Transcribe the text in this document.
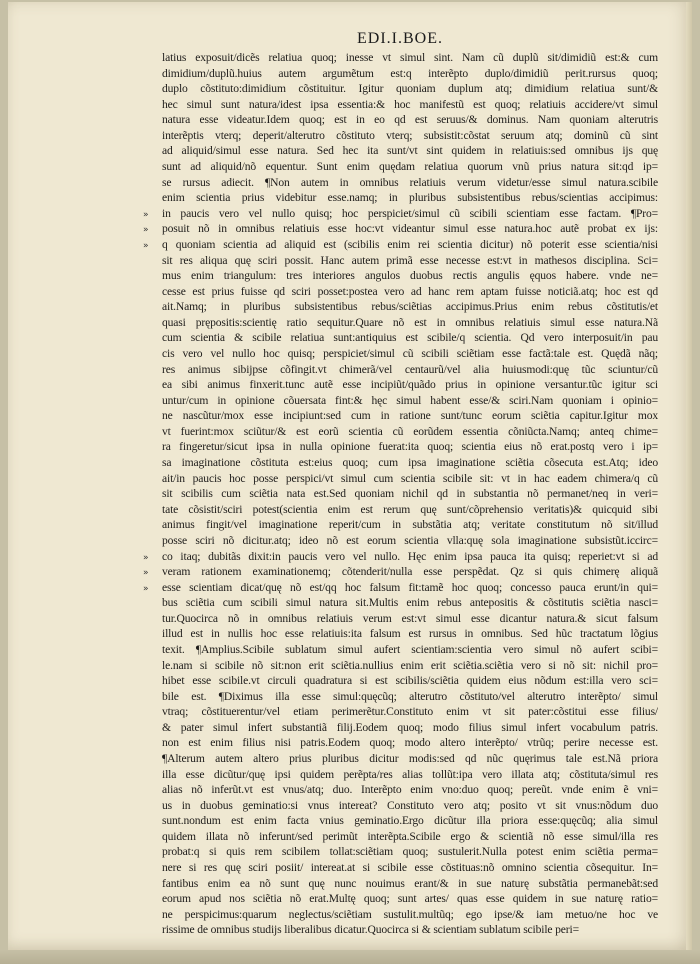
EDI.I.BOE.
»
»
»
»
»
»
latius exposuit/dicẽs relatiua quoq; inesse vt simul sint. Nam cũ duplũ sit/dimidiũ est:& cum
dimidium/duplũ.huius autem argumẽtum est:q interẽpto duplo/dimidiũ perit.rursus quoq;
duplo cõstituto:dimidium cõstituitur. Igitur quoniam duplum atq; dimidium relatiua sunt/&
hec simul sunt natura/idest ipsa essentia:& hoc manifestũ est quoq; relatiuis accidere/vt simul
natura esse videatur.Idem quoq; est in eo qd est seruus/& dominus. Nam quoniam alterutris
interẽptis vterq; deperit/alterutro cõstituto vterq; subsistit:cõstat seruum atq; dominũ cũ sint
ad aliquid/simul esse natura. Sed hec ita sunt/vt sint quidem in relatiuis:sed omnibus ijs quę
sunt ad aliquid/nõ equentur. Sunt enim quędam relatiua quorum vnũ prius natura sit:qd ip=
se rursus adiecit. ¶Non autem in omnibus relatiuis verum videtur/esse simul natura.scibile
enim scientia prius videbitur esse.namq; in pluribus subsistentibus rebus/scientias accipimus:
in paucis vero vel nullo quisq; hoc perspiciet/simul cũ scibili scientiam esse factam. ¶Pro=
posuit nõ in omnibus relatiuis esse hoc:vt videantur simul esse natura.hoc autẽ probat ex ijs:
q quoniam scientia ad aliquid est (scibilis enim rei scientia dicitur) nõ poterit esse scientia/nisi
sit res aliqua quę sciri possit. Hanc autem primã esse necesse est:vt in mathesos disciplina. Sci=
mus enim triangulum: tres interiores angulos duobus rectis angulis ęquos habere. vnde ne=
cesse est prius fuisse qd sciri posset:postea vero ad hanc rem aptam fuisse noticiã.atq; hoc est qd
ait.Namq; in pluribus subsistentibus rebus/sciẽtias accipimus.Prius enim rebus cõstitutis/et
quasi prępositis:scientię ratio sequitur.Quare nõ est in omnibus relatiuis simul esse natura.Nã
cum scientia & scibile relatiua sunt:antiquius est scibile/q scientia. Qd vero interposuit/in pau
cis vero vel nullo hoc quisq; perspiciet/simul cũ scibili sciẽtiam esse factã:tale est. Quędã nãq;
res animus sibijpse cõfingit.vt chimerã/vel centaurũ/vel alia huiusmodi:quę tũc sciuntur/cũ
ea sibi animus finxerit.tunc autẽ esse incipiũt/quãdo prius in opinione versantur.tũc igitur sci
untur/cum in opinione cõuersata fint:& hęc simul habent esse/& sciri.Nam quoniam i opinio=
ne nascũtur/mox esse incipiunt:sed cum in ratione sunt/tunc eorum sciẽtia capitur.Igitur mox
vt fuerint:mox sciũtur/& est eorũ scientia cũ eorũdem essentia cõniũcta.Namq; anteq chime=
ra fingeretur/sicut ipsa in nulla opinione fuerat:ita quoq; scientia eius nõ erat.postq vero i ip=
sa imaginatione cõstituta est:eius quoq; cum ipsa imaginatione sciẽtia cõsecuta est.Atq; ideo
ait/in paucis hoc posse perspici/vt simul cum scientia scibile sit: vt in hac eadem chimera/q cũ
sit scibilis cum sciẽtia nata est.Sed quoniam nichil qd in substantia nõ permanet/neq in veri=
tate cõsistit/sciri potest(scientia enim est rerum quę sunt/cõprehensio veritatis)& quicquid sibi
animus fingit/vel imaginatione reperit/cum in substãtia atq; veritate constitutum nõ sit/illud
posse sciri nõ dicitur.atq; ideo nõ est eorum scientia vlla:quę sola imaginatione subsistũt.iccirc=
co itaq; dubitãs dixit:in paucis vero vel nullo. Hęc enim ipsa pauca ita quisq; reperiet:vt si ad
veram rationem examinationemq; cõtenderit/nulla esse perspẽdat. Qz si quis chimerę aliquã
esse scientiam dicat/quę nõ est/qq hoc falsum fit:tamẽ hoc quoq; concesso pauca erunt/in qui=
bus sciẽtia cum scibili simul natura sit.Multis enim rebus antepositis & cõstitutis sciẽtia nasci=
tur.Quocirca nõ in omnibus relatiuis verum est:vt simul esse dicantur natura.& sicut falsum
illud est in nullis hoc esse relatiuis:ita falsum est rursus in omnibus. Sed hũc tractatum lõgius
texit. ¶Amplius.Scibile sublatum simul aufert scientiam:scientia vero simul nõ aufert scibi=
le.nam si scibile nõ sit:non erit sciẽtia.nullius enim erit sciẽtia.sciẽtia vero si nõ sit: nichil pro=
hibet esse scibile.vt circuli quadratura si est scibilis/sciẽtia quidem eius nõdum est:illa vero sci=
bile est. ¶Diximus illa esse simul:quęcũq; alterutro cõstituto/vel alterutro interẽpto/ simul
vtraq; cõstituerentur/vel etiam perimerẽtur.Constituto enim vt sit pater:cõstitui esse filius/
& pater simul infert substantiã filij.Eodem quoq; modo filius simul infert vocabulum patris.
non est enim filius nisi patris.Eodem quoq; modo altero interẽpto/ vtrũq; perire necesse est.
¶Alterum autem altero prius pluribus dicitur modis:sed qd nũc quęrimus tale est.Nã priora
illa esse dicũtur/quę ipsi quidem perẽpta/res alias tollũt:ipa vero illata atq; cõstituta/simul res
alias nõ inferũt.vt est vnus/atq; duo. Interẽpto enim vno:duo quoq; pereũt. vnde enim ẽ vni=
us in duobus geminatio:si vnus intereat? Constituto vero atq; posito vt sit vnus:nõdum duo
sunt.nondum est enim facta vnius geminatio.Ergo dicũtur illa priora esse:quęcũq; alia simul
quidem illata nõ inferunt/sed perimũt interẽpta.Scibile ergo & scientiã nõ esse simul/illa res
probat:q si quis rem scibilem tollat:sciẽtiam quoq; sustulerit.Nulla potest enim sciẽtia perma=
nere si res quę sciri posiit/ intereat.at si scibile esse cõstituas:nõ omnino scientia cõsequitur. In=
fantibus enim ea nõ sunt quę nunc nouimus erant/& in sue naturę substãtia permanebãt:sed
eorum apud nos sciẽtia nõ erat.Multę quoq; sunt artes/ quas esse quidem in sue naturę ratio=
ne perspicimus:quarum neglectus/sciẽtiam sustulit.multũq; ego ipse/& iam metuo/ne hoc ve
rissime de omnibus studijs liberalibus dicatur.Quocirca si & scientiam sublatum scibile peri=
